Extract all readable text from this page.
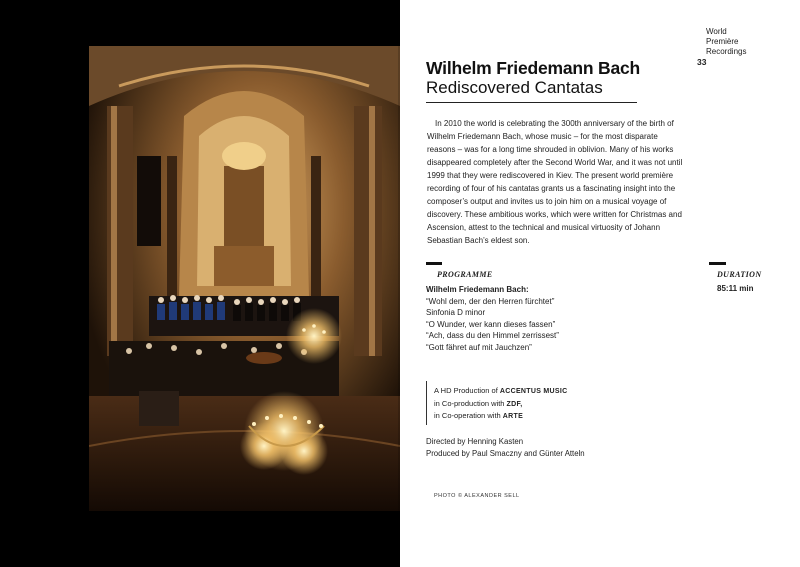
World
Première
Recordings
33
Wilhelm Friedemann Bach
Rediscovered Cantatas
In 2010 the world is celebrating the 300th anniversary of the birth of Wilhelm Friedemann Bach, whose music – for the most disparate reasons – was for a long time shrouded in oblivion. Many of his works disappeared completely after the Second World War, and it was not until 1999 that they were rediscovered in Kiev. The present world première recording of four of his cantatas grants us a fascinating insight into the composer’s output and invites us to join him on a musical voyage of discovery. These ambitious works, which were written for Christmas and Ascension, attest to the technical and musical virtuosity of Johann Sebastian Bach’s eldest son.
PROGRAMME	DURATION
Wilhelm Friedemann Bach:
“Wohl dem, der den Herren fürchtet”
Sinfonia D minor
“O Wunder, wer kann dieses fassen”
“Ach, dass du den Himmel zerrissest”
“Gott fähret auf mit Jauchzen”
85:11 min
A HD Production of ACCENTUS MUSIC
in Co-production with ZDF,
in Co-operation with ARTE
Directed by Henning Kasten
Produced by Paul Smaczny and Günter Atteln
PHOTO © ALEXANDER SELL
